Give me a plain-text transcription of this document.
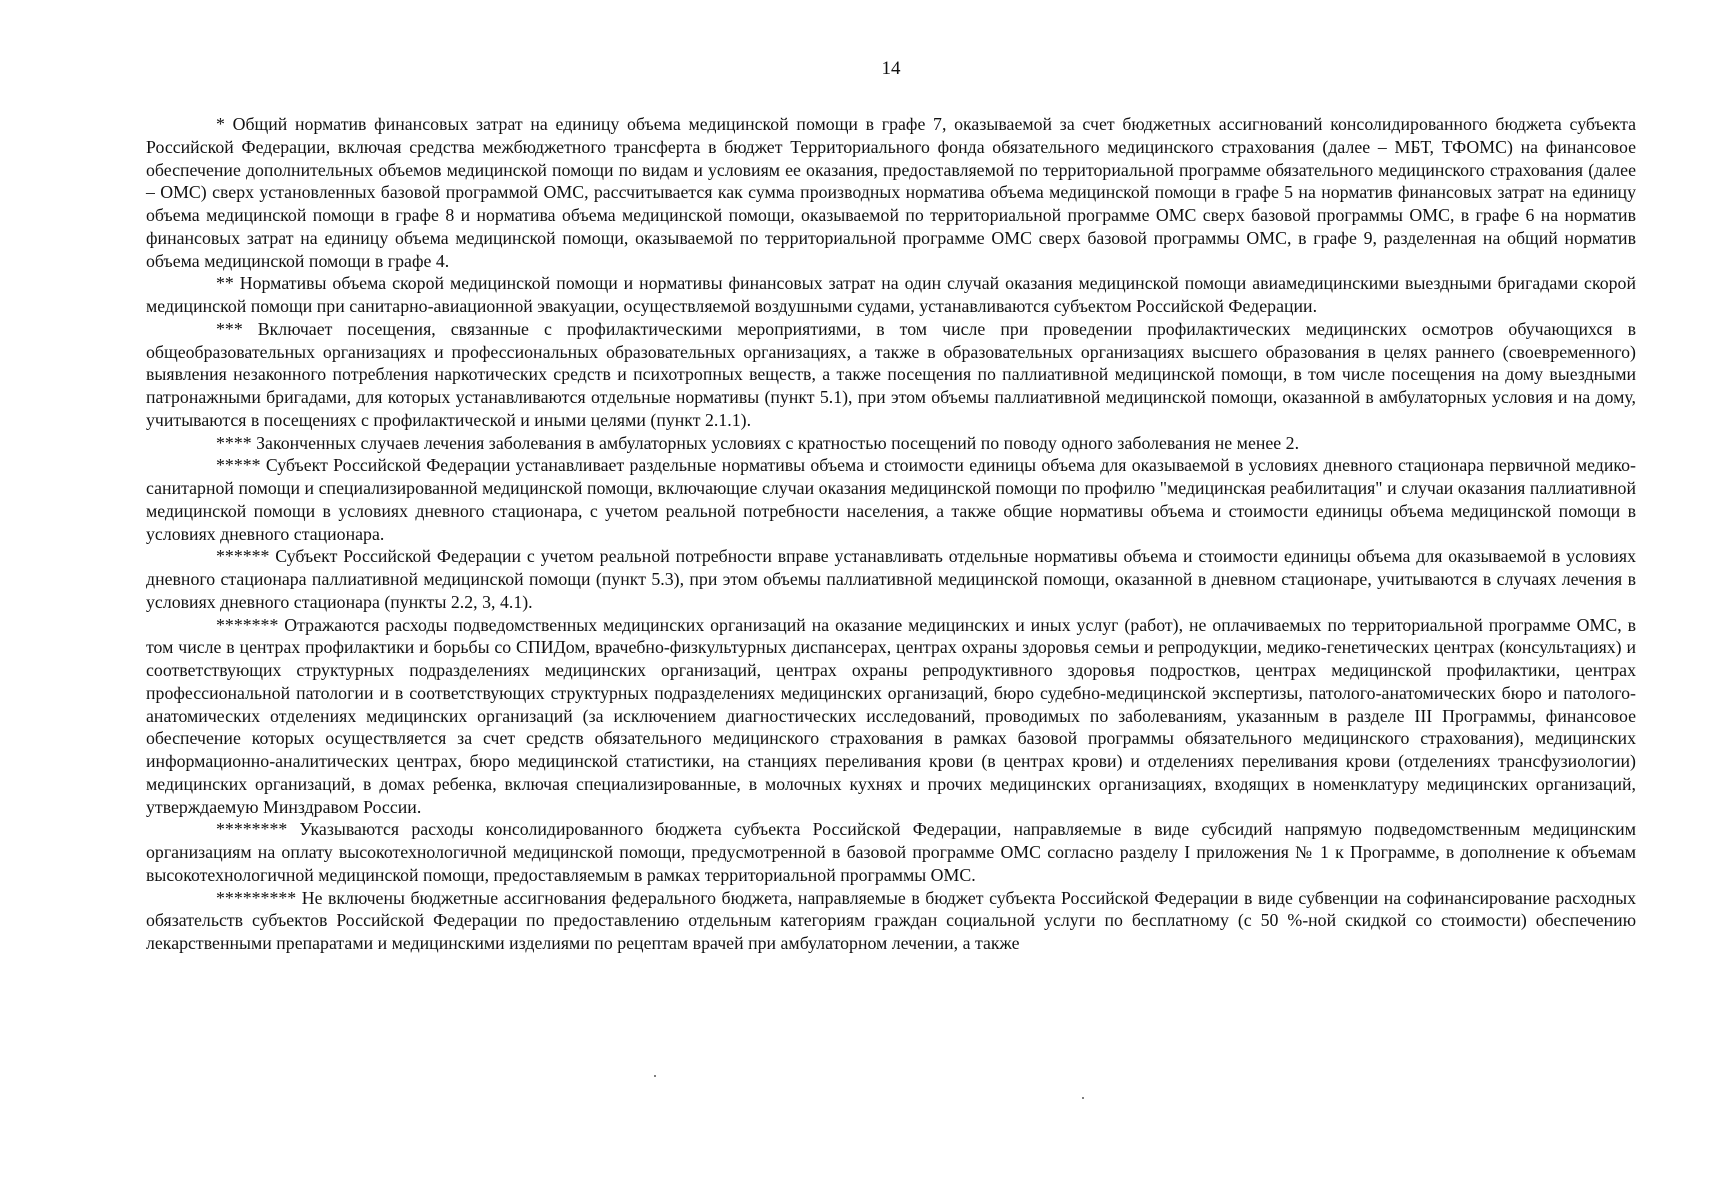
14

* Общий норматив финансовых затрат на единицу объема медицинской помощи в графе 7, оказываемой за счет бюджетных ассигнований консолидированного бюджета субъекта Российской Федерации, включая средства межбюджетного трансферта в бюджет Территориального фонда обязательного медицинского страхования (далее – МБТ, ТФОМС) на финансовое обеспечение дополнительных объемов медицинской помощи по видам и условиям ее оказания, предоставляемой по территориальной программе обязательного медицинского страхования (далее – ОМС) сверх установленных базовой программой ОМС, рассчитывается как сумма производных норматива объема медицинской помощи в графе 5 на норматив финансовых затрат на единицу объема медицинской помощи в графе 8 и норматива объема медицинской помощи, оказываемой по территориальной программе ОМС сверх базовой программы ОМС, в графе 6 на норматив финансовых затрат на единицу объема медицинской помощи, оказываемой по территориальной программе ОМС сверх базовой программы ОМС, в графе 9, разделенная на общий норматив объема медицинской помощи в графе 4.

** Нормативы объема скорой медицинской помощи и нормативы финансовых затрат на один случай оказания медицинской помощи авиамедицинскими выездными бригадами скорой медицинской помощи при санитарно-авиационной эвакуации, осуществляемой воздушными судами, устанавливаются субъектом Российской Федерации.

*** Включает посещения, связанные с профилактическими мероприятиями, в том числе при проведении профилактических медицинских осмотров обучающихся в общеобразовательных организациях и профессиональных образовательных организациях, а также в образовательных организациях высшего образования в целях раннего (своевременного) выявления незаконного потребления наркотических средств и психотропных веществ, а также посещения по паллиативной медицинской помощи, в том числе посещения на дому выездными патронажными бригадами, для которых устанавливаются отдельные нормативы (пункт 5.1), при этом объемы паллиативной медицинской помощи, оказанной в амбулаторных условия и на дому, учитываются в посещениях с профилактической и иными целями (пункт 2.1.1).

**** Законченных случаев лечения заболевания в амбулаторных условиях с кратностью посещений по поводу одного заболевания не менее 2.

***** Субъект Российской Федерации устанавливает раздельные нормативы объема и стоимости единицы объема для оказываемой в условиях дневного стационара первичной медико-санитарной помощи и специализированной медицинской помощи, включающие случаи оказания медицинской помощи по профилю "медицинская реабилитация" и случаи оказания паллиативной медицинской помощи в условиях дневного стационара, с учетом реальной потребности населения, а также общие нормативы объема и стоимости единицы объема медицинской помощи в условиях дневного стационара.

****** Субъект Российской Федерации с учетом реальной потребности вправе устанавливать отдельные нормативы объема и стоимости единицы объема для оказываемой в условиях дневного стационара паллиативной медицинской помощи (пункт 5.3), при этом объемы паллиативной медицинской помощи, оказанной в дневном стационаре, учитываются в случаях лечения в условиях дневного стационара (пункты 2.2, 3, 4.1).

******* Отражаются расходы подведомственных медицинских организаций на оказание медицинских и иных услуг (работ), не оплачиваемых по территориальной программе ОМС, в том числе в центрах профилактики и борьбы со СПИДом, врачебно-физкультурных диспансерах, центрах охраны здоровья семьи и репродукции, медико-генетических центрах (консультациях) и соответствующих структурных подразделениях медицинских организаций, центрах охраны репродуктивного здоровья подростков, центрах медицинской профилактики, центрах профессиональной патологии и в соответствующих структурных подразделениях медицинских организаций, бюро судебно-медицинской экспертизы, патолого-анатомических бюро и патолого-анатомических отделениях медицинских организаций (за исключением диагностических исследований, проводимых по заболеваниям, указанным в разделе III Программы, финансовое обеспечение которых осуществляется за счет средств обязательного медицинского страхования в рамках базовой программы обязательного медицинского страхования), медицинских информационно-аналитических центрах, бюро медицинской статистики, на станциях переливания крови (в центрах крови) и отделениях переливания крови (отделениях трансфузиологии) медицинских организаций, в домах ребенка, включая специализированные, в молочных кухнях и прочих медицинских организациях, входящих в номенклатуру медицинских организаций, утверждаемую Минздравом России.

******** Указываются расходы консолидированного бюджета субъекта Российской Федерации, направляемые в виде субсидий напрямую подведомственным медицинским организациям на оплату высокотехнологичной медицинской помощи, предусмотренной в базовой программе ОМС согласно разделу I приложения № 1 к Программе, в дополнение к объемам высокотехнологичной медицинской помощи, предоставляемым в рамках территориальной программы ОМС.

********* Не включены бюджетные ассигнования федерального бюджета, направляемые в бюджет субъекта Российской Федерации в виде субвенции на софинансирование расходных обязательств субъектов Российской Федерации по предоставлению отдельным категориям граждан социальной услуги по бесплатному (с 50 %-ной скидкой со стоимости) обеспечению лекарственными препаратами и медицинскими изделиями по рецептам врачей при амбулаторном лечении, а также
